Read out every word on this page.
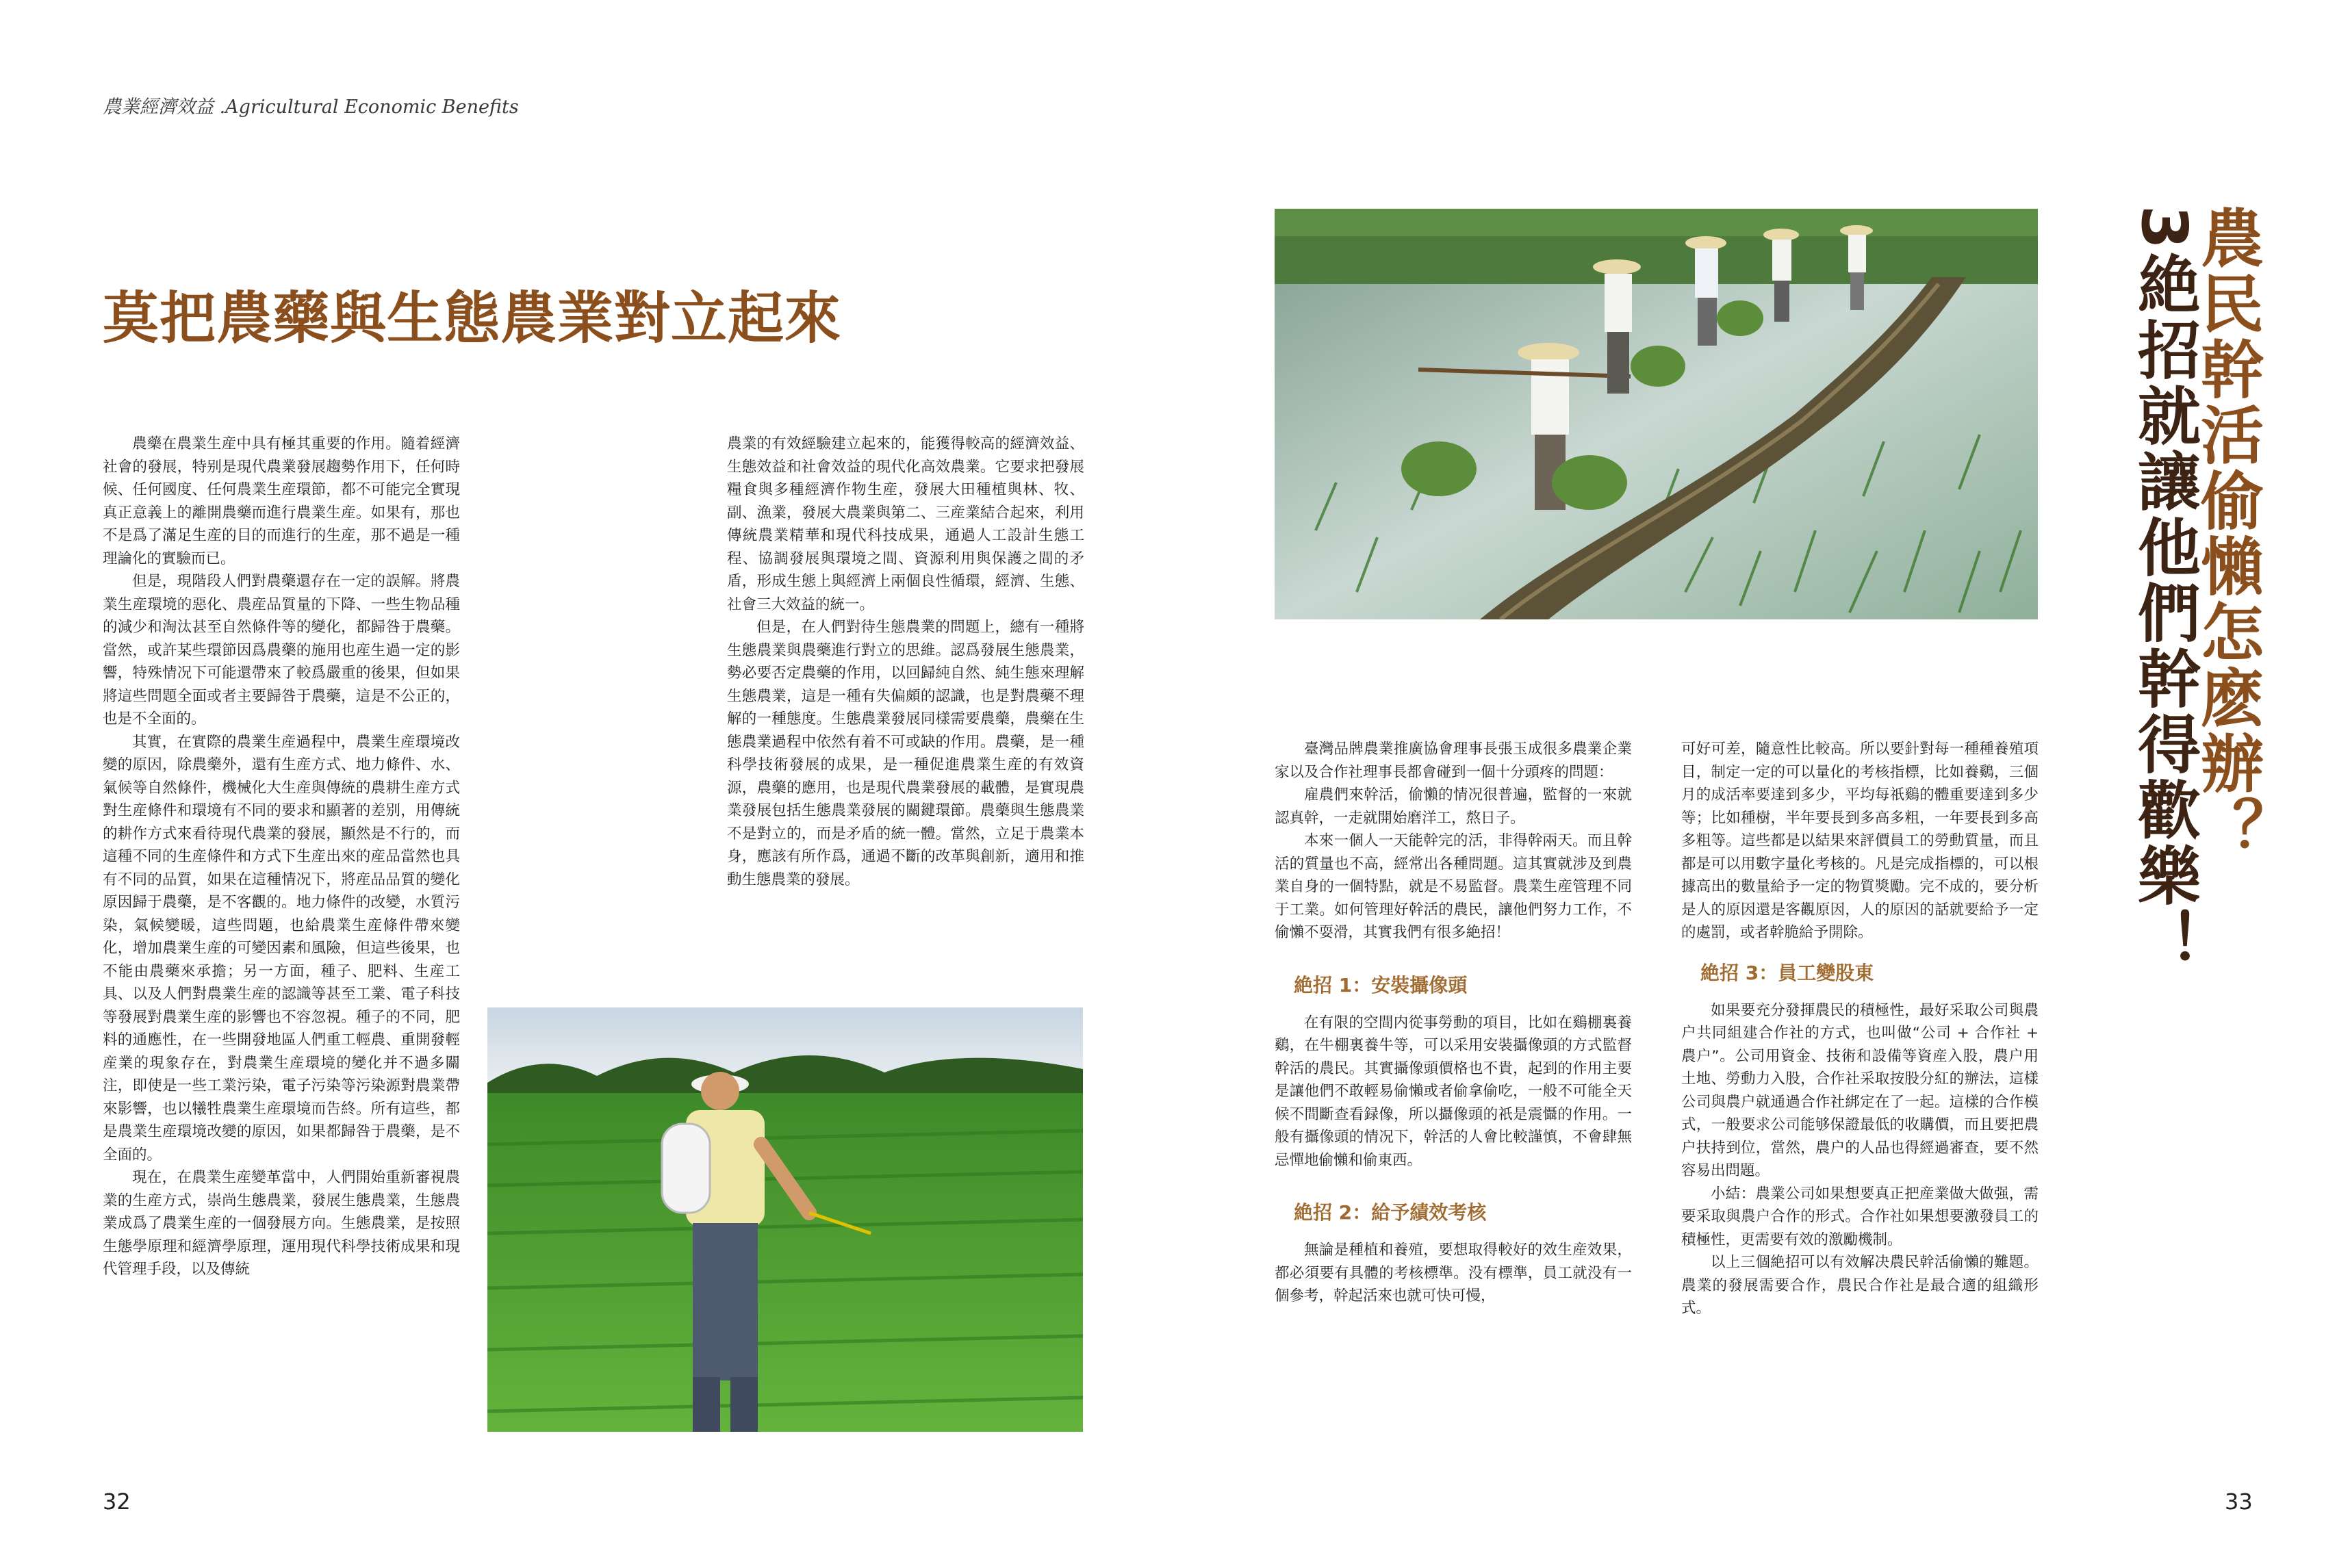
農業經濟效益 .Agricultural Economic Benefits
莫把農藥與生態農業對立起來	農民幹活偷懶怎麽辦？
3絶招就讓他們幹得歡樂！

農藥在農業生産中具有極其重要的作用。隨着經濟社會的發展，特别是現代農業發展趨勢作用下，任何時候、任何國度、任何農業生産環節，都不可能完全實現真正意義上的離開農藥而進行農業生産。如果有，那也不是爲了滿足生産的目的而進行的生産，那不過是一種理論化的實驗而已。

但是，現階段人們對農藥還存在一定的誤解。將農業生産環境的惡化、農産品質量的下降、一些生物品種的減少和淘汰甚至自然條件等的變化，都歸咎于農藥。當然，或許某些環節因爲農藥的施用也産生過一定的影響，特殊情况下可能還帶來了較爲嚴重的後果，但如果將這些問題全面或者主要歸咎于農藥，這是不公正的，也是不全面的。

其實，在實際的農業生産過程中，農業生産環境改變的原因，除農藥外，還有生産方式、地力條件、水、氣候等自然條件，機械化大生産與傳統的農耕生産方式對生産條件和環境有不同的要求和顯著的差别，用傳統的耕作方式來看待現代農業的發展，顯然是不行的，而這種不同的生産條件和方式下生産出來的産品當然也具有不同的品質，如果在這種情况下，將産品品質的變化原因歸于農藥，是不客觀的。地力條件的改變，水質污染，氣候變暖，這些問題，也給農業生産條件帶來變化，增加農業生産的可變因素和風險，但這些後果，也不能由農藥來承擔；另一方面，種子、肥料、生産工具、以及人們對農業生産的認識等甚至工業、電子科技等發展對農業生産的影響也不容忽視。種子的不同，肥料的通應性，在一些開發地區人們重工輕農、重開發輕産業的現象存在，對農業生産環境的變化并不過多關注，即使是一些工業污染，電子污染等污染源對農業帶來影響，也以犧牲農業生産環境而告終。所有這些，都是農業生産環境改變的原因，如果都歸咎于農藥，是不全面的。

現在，在農業生産變革當中，人們開始重新審視農業的生産方式，崇尚生態農業，發展生態農業，生態農業成爲了農業生産的一個發展方向。生態農業，是按照生態學原理和經濟學原理，運用現代科學技術成果和現代管理手段，以及傳統

農業的有效經驗建立起來的，能獲得較高的經濟效益、生態效益和社會效益的現代化高效農業。它要求把發展糧食與多種經濟作物生産，發展大田種植與林、牧、副、漁業，發展大農業與第二、三産業結合起來，利用傳統農業精華和現代科技成果，通過人工設計生態工程、協調發展與環境之間、資源利用與保護之間的矛盾，形成生態上與經濟上兩個良性循環，經濟、生態、社會三大效益的統一。

但是，在人們對待生態農業的問題上，總有一種將生態農業與農藥進行對立的思維。認爲發展生態農業，勢必要否定農藥的作用，以回歸純自然、純生態來理解生態農業，這是一種有失偏頗的認識，也是對農藥不理解的一種態度。生態農業發展同樣需要農藥，農藥在生態農業過程中依然有着不可或缺的作用。農藥，是一種科學技術發展的成果，是一種促進農業生産的有效資源，農藥的應用，也是現代農業發展的載體，是實現農業發展包括生態農業發展的關鍵環節。農藥與生態農業不是對立的，而是矛盾的統一體。當然，立足于農業本身，應該有所作爲，通過不斷的改革與創新，適用和推動生態農業的發展。

臺灣品牌農業推廣協會理事長張玉成很多農業企業家以及合作社理事長都會碰到一個十分頭疼的問題：

雇農們來幹活，偷懶的情况很普遍，監督的一來就認真幹，一走就開始磨洋工，熬日子。

本來一個人一天能幹完的活，非得幹兩天。而且幹活的質量也不高，經常出各種問題。這其實就涉及到農業自身的一個特點，就是不易監督。農業生産管理不同于工業。如何管理好幹活的農民，讓他們努力工作，不偷懶不耍滑，其實我們有很多絶招！

絶招 1：安裝攝像頭

在有限的空間内從事勞動的項目，比如在鷄棚裏養鷄，在牛棚裏養牛等，可以采用安裝攝像頭的方式監督幹活的農民。其實攝像頭價格也不貴，起到的作用主要是讓他們不敢輕易偷懶或者偷拿偷吃，一般不可能全天候不間斷查看録像，所以攝像頭的祇是震懾的作用。一般有攝像頭的情况下，幹活的人會比較謹慎，不會肆無忌憚地偷懶和偷東西。

絶招 2：給予績效考核

無論是種植和養殖，要想取得較好的效生産效果，都必須要有具體的考核標準。没有標準，員工就没有一個參考，幹起活來也就可快可慢，

可好可差，隨意性比較高。所以要針對每一種種養殖項目，制定一定的可以量化的考核指標，比如養鷄，三個月的成活率要達到多少，平均每祇鷄的體重要達到多少等；比如種樹，半年要長到多高多粗，一年要長到多高多粗等。這些都是以結果來評價員工的勞動質量，而且都是可以用數字量化考核的。凡是完成指標的，可以根據高出的數量給予一定的物質獎勵。完不成的，要分析是人的原因還是客觀原因，人的原因的話就要給予一定的處罰，或者幹脆給予開除。

絶招 3：員工變股東

如果要充分發揮農民的積極性，最好采取公司與農户共同組建合作社的方式，也叫做“公司 + 合作社 + 農户”。公司用資金、技術和設備等資産入股，農户用土地、勞動力入股，合作社采取按股分紅的辦法，這樣公司與農户就通過合作社綁定在了一起。這樣的合作模式，一般要求公司能够保證最低的收購價，而且要把農户扶持到位，當然，農户的人品也得經過審查，要不然容易出問題。

小結：農業公司如果想要真正把産業做大做强，需要采取與農户合作的形式。合作社如果想要激發員工的積極性，更需要有效的激勵機制。

以上三個絶招可以有效解决農民幹活偷懶的難題。農業的發展需要合作，農民合作社是最合適的組織形式。

32	33
